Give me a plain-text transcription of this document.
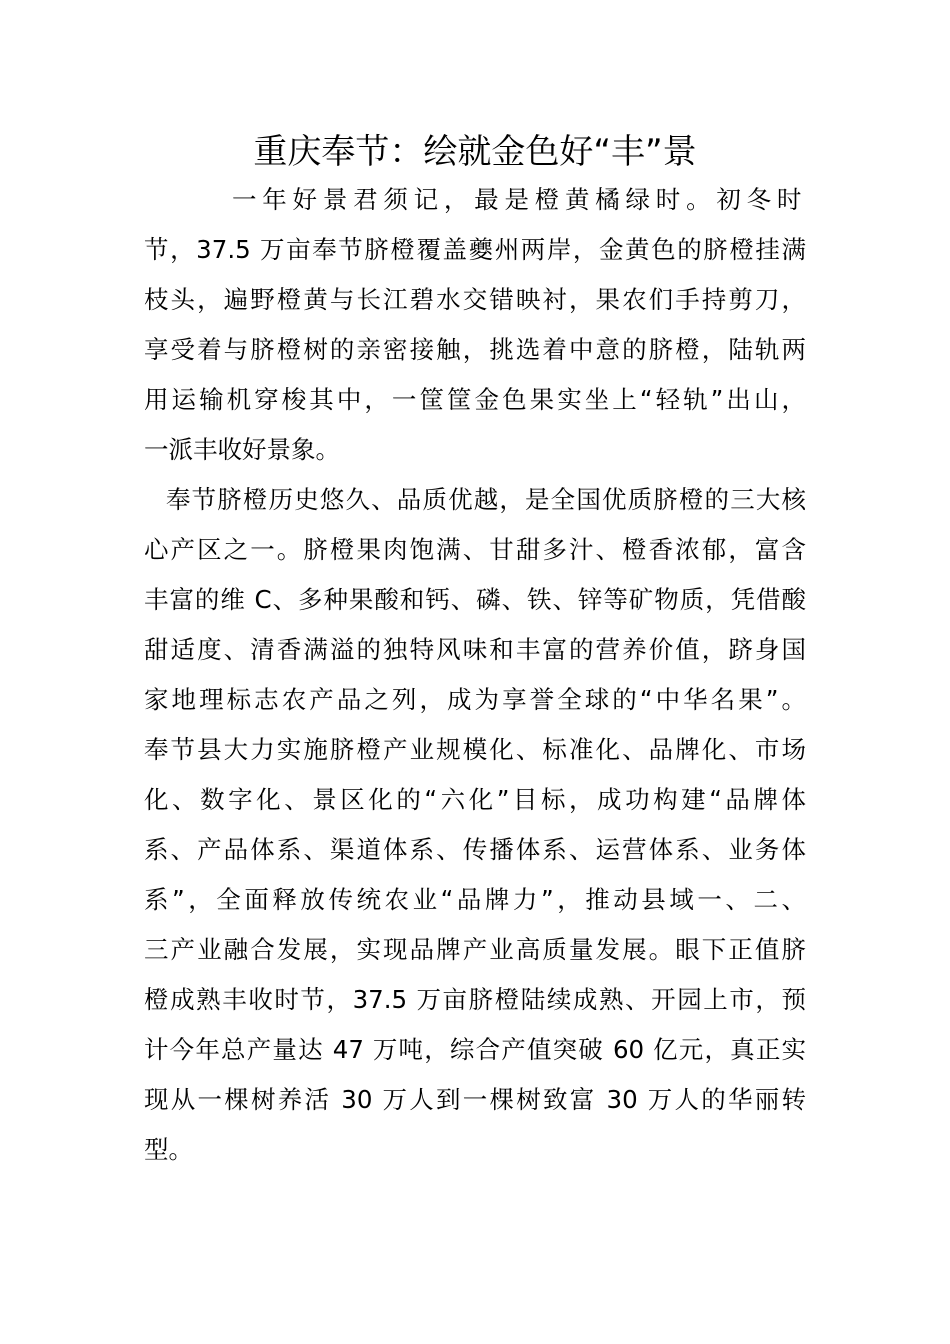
重庆奉节：绘就金色好“丰”景
一年好景君须记，最是橙黄橘绿时。初冬时
节，37.5 万亩奉节脐橙覆盖夔州两岸，金黄色的脐橙挂满
枝头，遍野橙黄与长江碧水交错映衬，果农们手持剪刀，
享受着与脐橙树的亲密接触，挑选着中意的脐橙，陆轨两
用运输机穿梭其中，一筐筐金色果实坐上“轻轨”出山，
一派丰收好景象。
奉节脐橙历史悠久、品质优越，是全国优质脐橙的三大核
心产区之一。脐橙果肉饱满、甘甜多汁、橙香浓郁，富含
丰富的维 C、多种果酸和钙、磷、铁、锌等矿物质，凭借酸
甜适度、清香满溢的独特风味和丰富的营养价值，跻身国
家地理标志农产品之列，成为享誉全球的“中华名果”。
奉节县大力实施脐橙产业规模化、标准化、品牌化、市场
化、数字化、景区化的“六化”目标，成功构建“品牌体
系、产品体系、渠道体系、传播体系、运营体系、业务体
系”，全面释放传统农业“品牌力”，推动县域一、二、
三产业融合发展，实现品牌产业高质量发展。眼下正值脐
橙成熟丰收时节，37.5 万亩脐橙陆续成熟、开园上市，预
计今年总产量达 47 万吨，综合产值突破 60 亿元，真正实
现从一棵树养活 30 万人到一棵树致富 30 万人的华丽转
型。
